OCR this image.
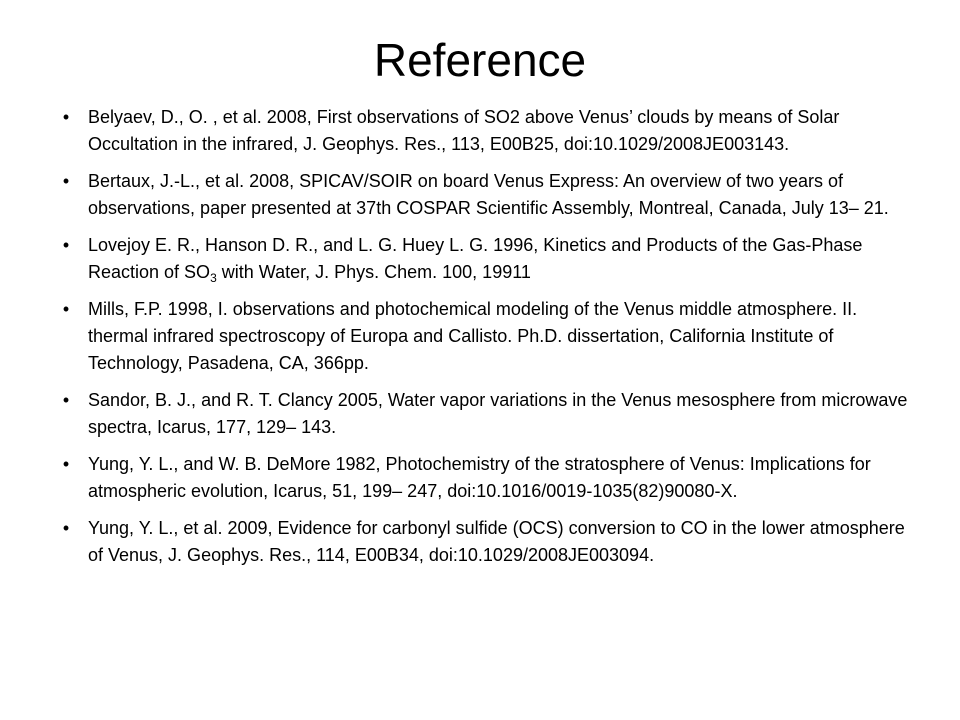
Reference
• Belyaev, D., O. , et al. 2008, First observations of SO2 above Venus’ clouds by means of Solar Occultation in the infrared, J. Geophys. Res., 113, E00B25, doi:10.1029/2008JE003143.
• Bertaux, J.-L., et al. 2008, SPICAV/SOIR on board Venus Express: An overview of two years of observations, paper presented at 37th COSPAR Scientific Assembly, Montreal, Canada, July 13– 21.
• Lovejoy E. R., Hanson D. R., and L. G. Huey L. G. 1996, Kinetics and Products of the Gas-Phase Reaction of $SO_3$ with Water, J. Phys. Chem. 100, 19911
• Mills, F.P. 1998, I. observations and photochemical modeling of the Venus middle atmosphere. II. thermal infrared spectroscopy of Europa and Callisto. Ph.D. dissertation, California Institute of Technology, Pasadena, CA, 366pp.
• Sandor, B. J., and R. T. Clancy 2005, Water vapor variations in the Venus mesosphere from microwave spectra, Icarus, 177, 129– 143.
• Yung, Y. L., and W. B. DeMore 1982, Photochemistry of the stratosphere of Venus: Implications for atmospheric evolution, Icarus, 51, 199– 247, doi:10.1016/0019-1035(82)90080-X.
• Yung, Y. L., et al. 2009, Evidence for carbonyl sulfide (OCS) conversion to CO in the lower atmosphere of Venus, J. Geophys. Res., 114, E00B34, doi:10.1029/2008JE003094.
